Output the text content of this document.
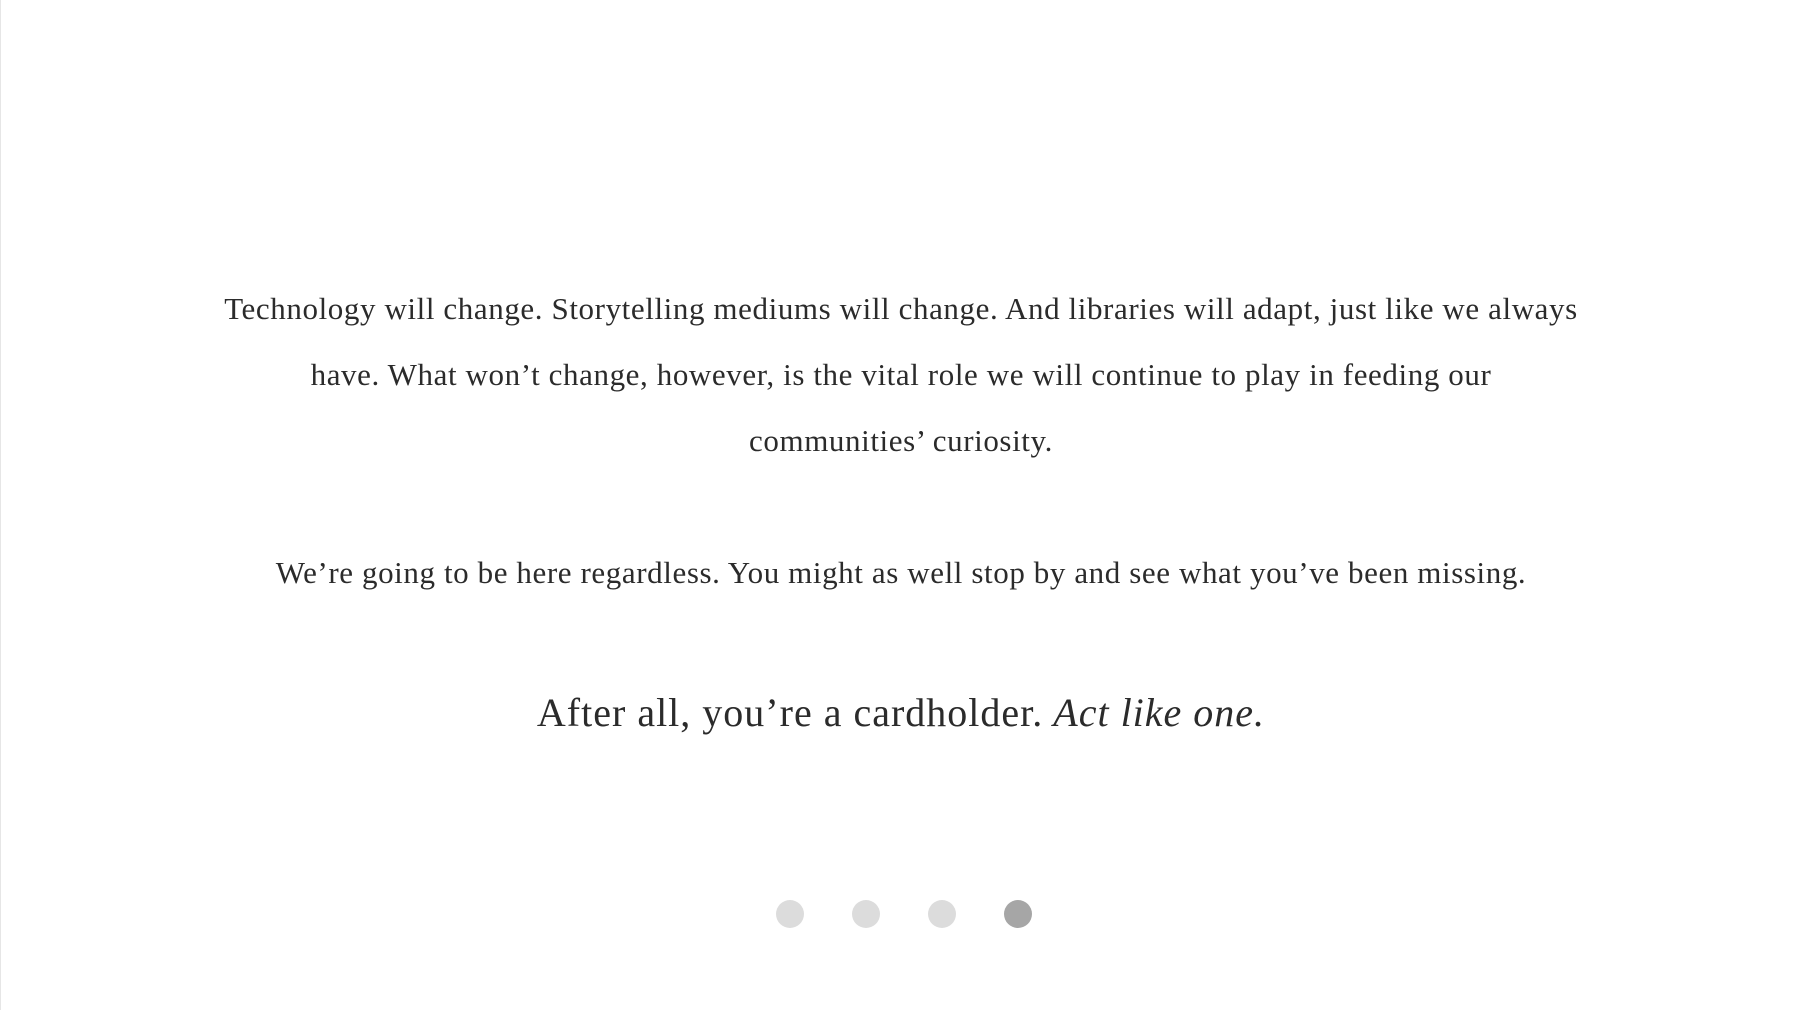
Technology will change. Storytelling mediums will change. And libraries will adapt, just like we always have. What won’t change, however, is the vital role we will continue to play in feeding our communities’ curiosity.

We’re going to be here regardless. You might as well stop by and see what you’ve been missing.

After all, you’re a cardholder. Act like one.
